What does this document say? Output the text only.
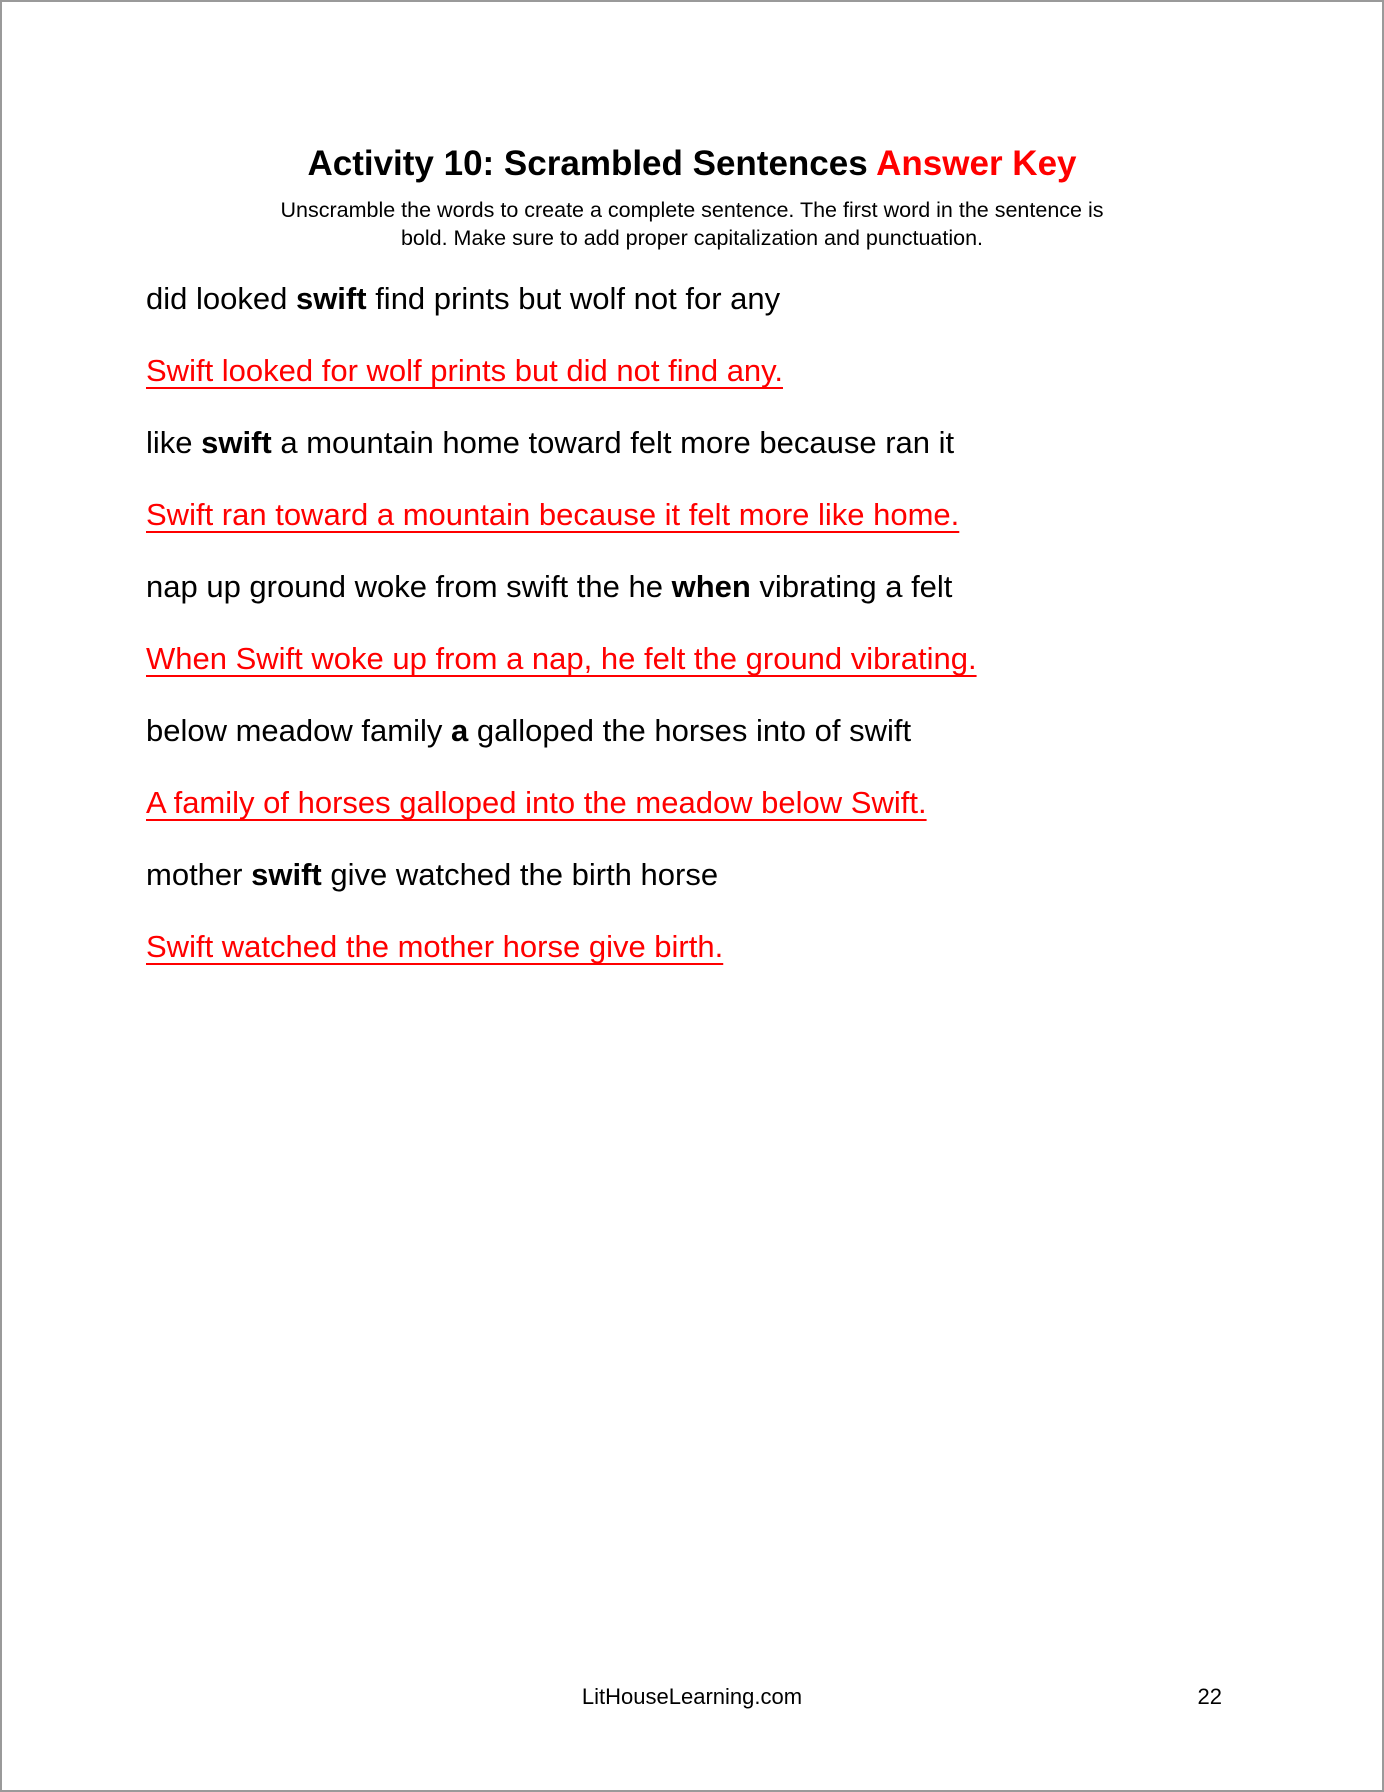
Activity 10: Scrambled Sentences Answer Key

Unscramble the words to create a complete sentence. The first word in the sentence is
bold. Make sure to add proper capitalization and punctuation.

did looked swift find prints but wolf not for any

Swift looked for wolf prints but did not find any.

like swift a mountain home toward felt more because ran it

Swift ran toward a mountain because it felt more like home.

nap up ground woke from swift the he when vibrating a felt

When Swift woke up from a nap, he felt the ground vibrating.

below meadow family a galloped the horses into of swift

A family of horses galloped into the meadow below Swift.

mother swift give watched the birth horse

Swift watched the mother horse give birth.

LitHouseLearning.com	22
